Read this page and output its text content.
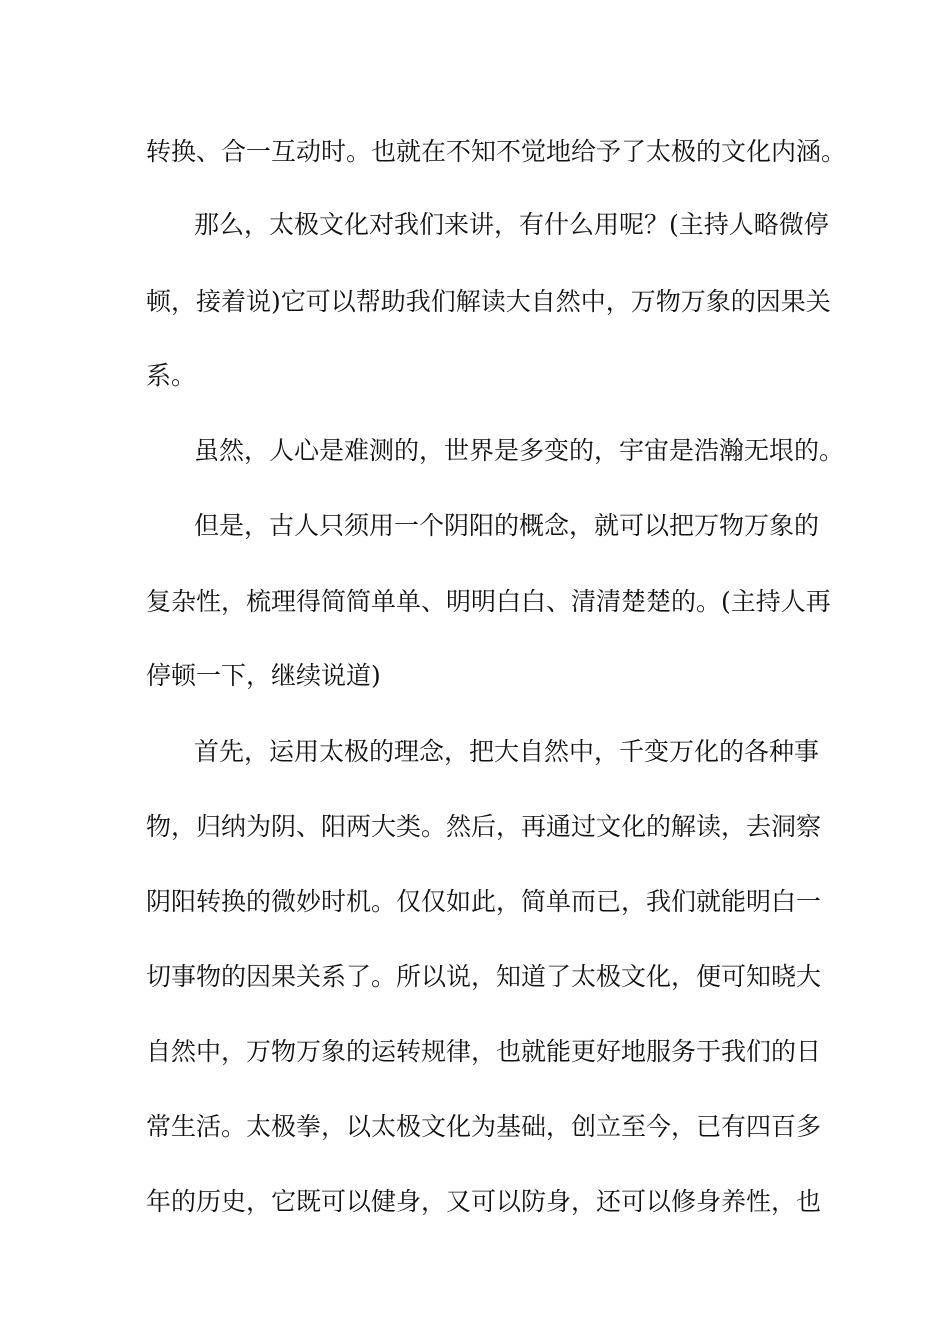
转换、合一互动时。也就在不知不觉地给予了太极的文化内涵。
那么，太极文化对我们来讲，有什么用呢？(主持人略微停
顿，接着说)它可以帮助我们解读大自然中，万物万象的因果关
系。
虽然，人心是难测的，世界是多变的，宇宙是浩瀚无垠的。
但是，古人只须用一个阴阳的概念，就可以把万物万象的
复杂性，梳理得简简单单、明明白白、清清楚楚的。(主持人再
停顿一下，继续说道)
首先，运用太极的理念，把大自然中，千变万化的各种事
物，归纳为阴、阳两大类。然后，再通过文化的解读，去洞察
阴阳转换的微妙时机。仅仅如此，简单而已，我们就能明白一
切事物的因果关系了。所以说，知道了太极文化，便可知晓大
自然中，万物万象的运转规律，也就能更好地服务于我们的日
常生活。太极拳，以太极文化为基础，创立至今，已有四百多
年的历史，它既可以健身，又可以防身，还可以修身养性，也
